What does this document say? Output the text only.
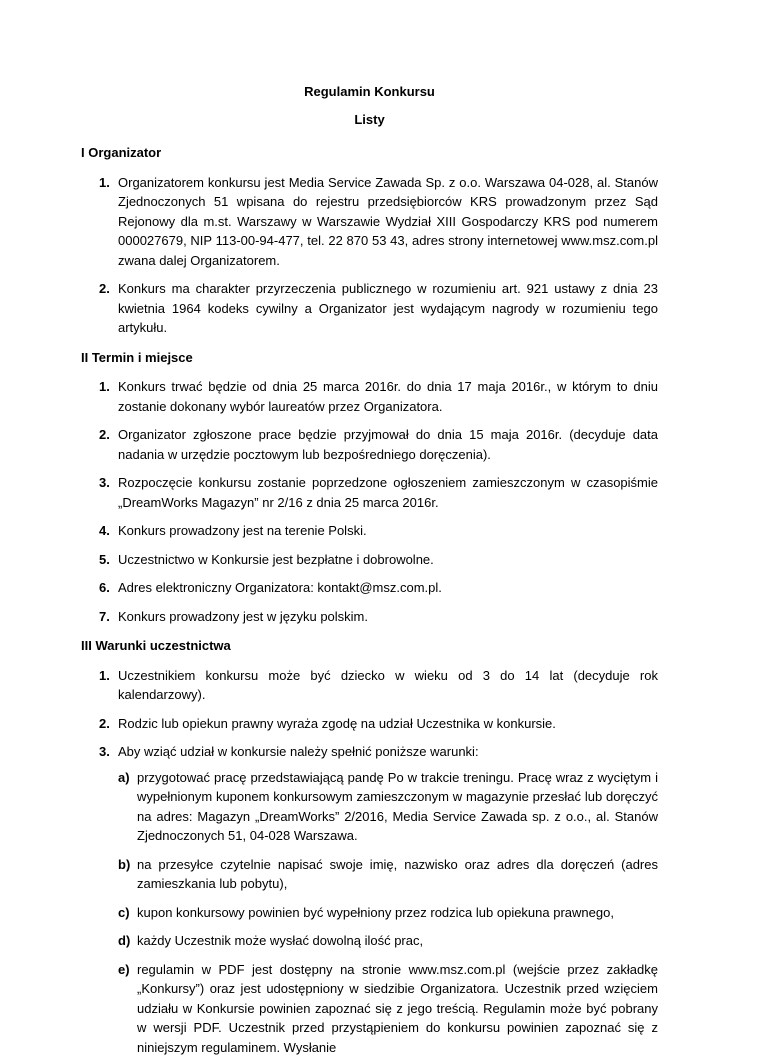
Regulamin Konkursu

Listy

I Organizator

1. Organizatorem konkursu jest Media Service Zawada Sp. z o.o. Warszawa 04-028, al. Stanów Zjednoczonych 51 wpisana do rejestru przedsiębiorców KRS prowadzonym przez Sąd Rejonowy dla m.st. Warszawy w Warszawie Wydział XIII Gospodarczy KRS pod numerem 000027679, NIP 113-00-94-477, tel. 22 870 53 43, adres strony internetowej www.msz.com.pl zwana dalej Organizatorem.
2. Konkurs ma charakter przyrzeczenia publicznego w rozumieniu art. 921 ustawy z dnia 23 kwietnia 1964 kodeks cywilny a Organizator jest wydającym nagrody w rozumieniu tego artykułu.

II Termin i miejsce

1. Konkurs trwać będzie od dnia 25 marca 2016r. do dnia 17 maja 2016r., w którym to dniu zostanie dokonany wybór laureatów przez Organizatora.
2. Organizator zgłoszone prace będzie przyjmował do dnia 15 maja 2016r. (decyduje data nadania w urzędzie pocztowym lub bezpośredniego doręczenia).
3. Rozpoczęcie konkursu zostanie poprzedzone ogłoszeniem zamieszczonym w czasopiśmie „DreamWorks Magazyn” nr 2/16 z dnia 25 marca 2016r.
4. Konkurs prowadzony jest na terenie Polski.
5. Uczestnictwo w Konkursie jest bezpłatne i dobrowolne.
6. Adres elektroniczny Organizatora: kontakt@msz.com.pl.
7. Konkurs prowadzony jest w języku polskim.

III Warunki uczestnictwa

1. Uczestnikiem konkursu może być dziecko w wieku od 3 do 14 lat (decyduje rok kalendarzowy).
2. Rodzic lub opiekun prawny wyraża zgodę na udział Uczestnika w konkursie.
3. Aby wziąć udział w konkursie należy spełnić poniższe warunki:
a) przygotować pracę przedstawiającą pandę Po w trakcie treningu. Pracę wraz z wyciętym i wypełnionym kuponem konkursowym zamieszczonym w magazynie przesłać lub doręczyć na adres: Magazyn „DreamWorks” 2/2016, Media Service Zawada sp. z o.o., al. Stanów Zjednoczonych 51, 04-028 Warszawa.
b) na przesyłce czytelnie napisać swoje imię, nazwisko oraz adres dla doręczeń (adres zamieszkania lub pobytu),
c) kupon konkursowy powinien być wypełniony przez rodzica lub opiekuna prawnego,
d) każdy Uczestnik może wysłać dowolną ilość prac,
e) regulamin w PDF jest dostępny na stronie www.msz.com.pl (wejście przez zakładkę „Konkursy”) oraz jest udostępniony w siedzibie Organizatora. Uczestnik przed wzięciem udziału w Konkursie powinien zapoznać się z jego treścią. Regulamin może być pobrany w wersji PDF. Uczestnik przed przystąpieniem do konkursu powinien zapoznać się z niniejszym regulaminem. Wysłanie
